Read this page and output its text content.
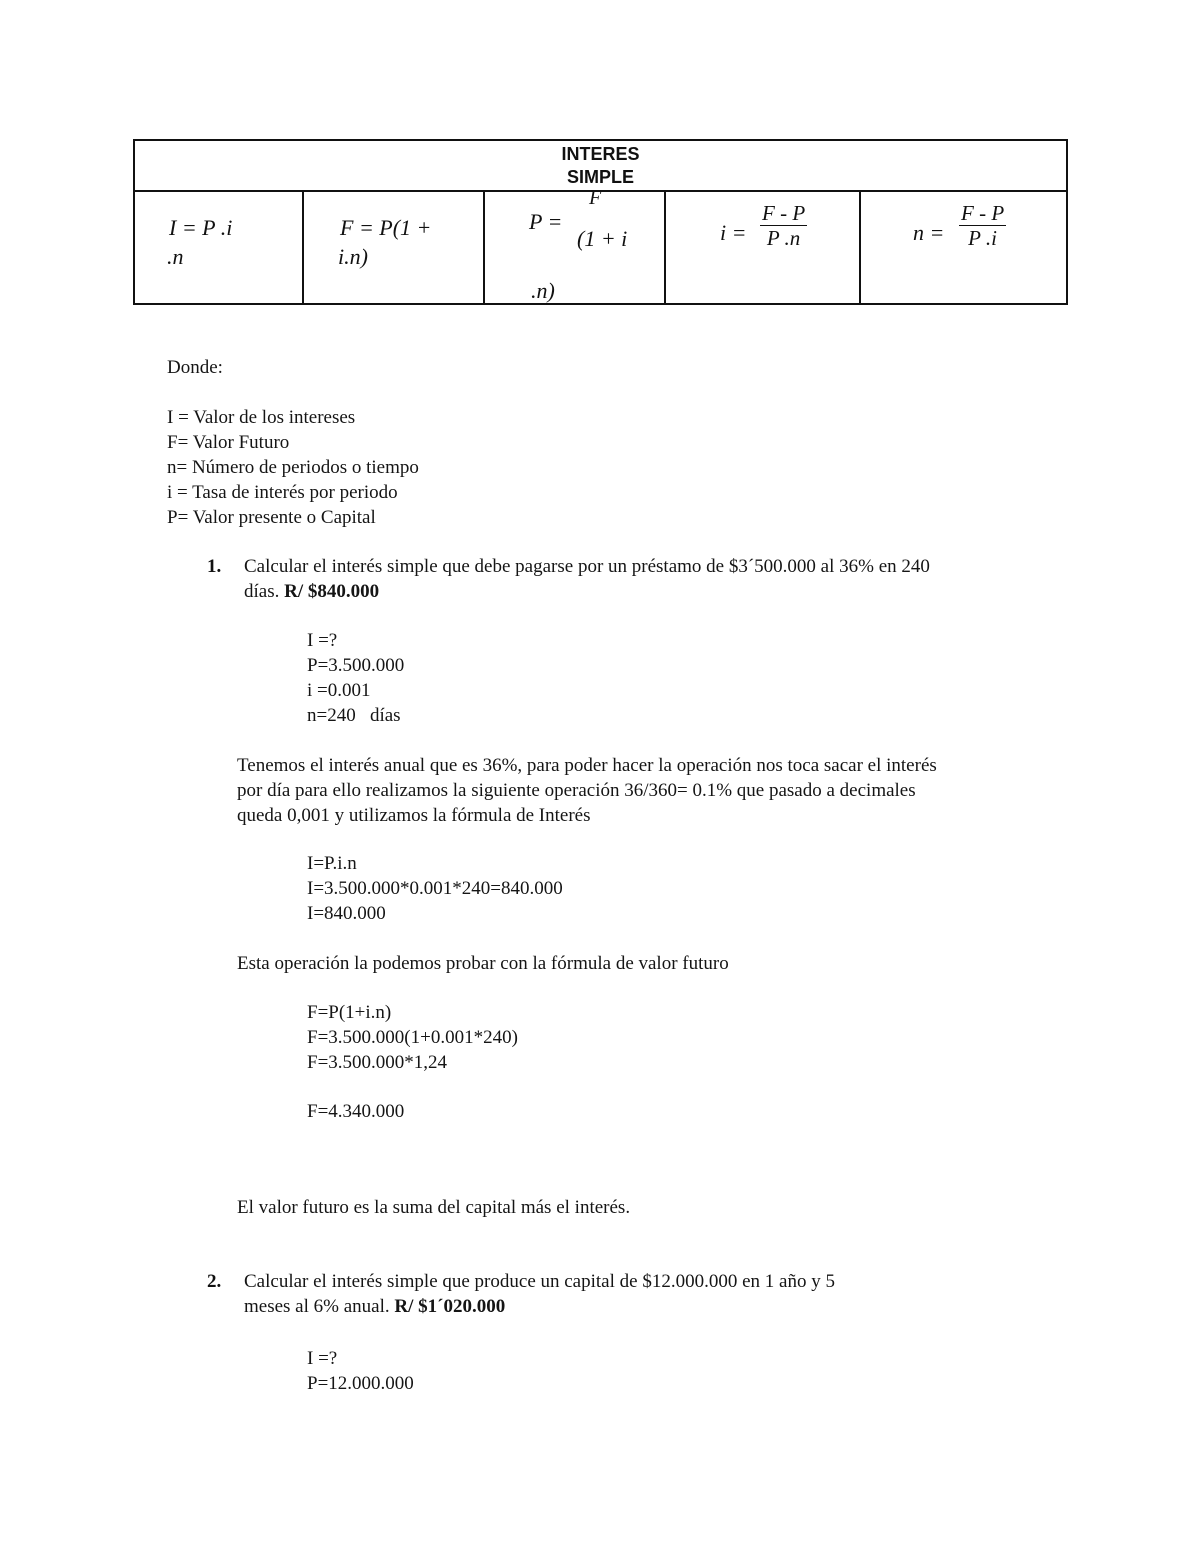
INTERES
SIMPLE
I = P .i
.n
F = P(1 +
i.n)
P =
F
(1 + i
.n)
$i = \frac{F - P}{P .n}$	$n = \frac{F - P}{P .i}$
Donde:
I = Valor de los intereses
F= Valor Futuro
n= Número de periodos o tiempo
i = Tasa de interés por periodo
P= Valor presente o Capital
1. Calcular el interés simple que debe pagarse por un préstamo de $3´500.000 al 36% en 240
días. R/ $840.000
I =?
P=3.500.000
i =0.001
n=240   días
Tenemos el interés anual que es 36%, para poder hacer la operación nos toca sacar el interés
por día para ello realizamos la siguiente operación 36/360= 0.1% que pasado a decimales
queda 0,001 y utilizamos la fórmula de Interés
I=P.i.n
I=3.500.000*0.001*240=840.000
I=840.000
Esta operación la podemos probar con la fórmula de valor futuro
F=P(1+i.n)
F=3.500.000(1+0.001*240)
F=3.500.000*1,24
F=4.340.000
El valor futuro es la suma del capital más el interés.
2. Calcular el interés simple que produce un capital de $12.000.000 en 1 año y 5
meses al 6% anual. R/ $1´020.000
I =?
P=12.000.000
